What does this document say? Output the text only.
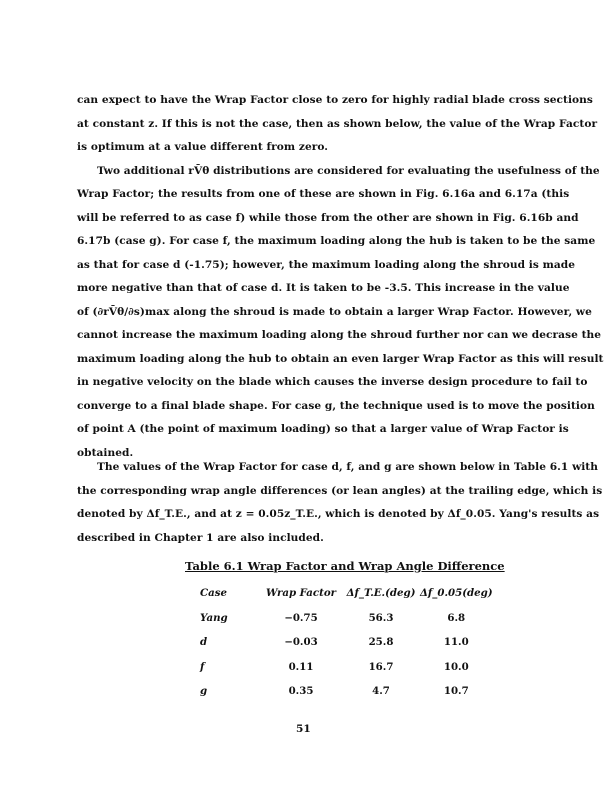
can expect to have the Wrap Factor close to zero for highly radial blade cross sections
at constant z. If this is not the case, then as shown below, the value of the Wrap Factor
is optimum at a value different from zero.
Two additional rV̄θ distributions are considered for evaluating the usefulness of the
Wrap Factor; the results from one of these are shown in Fig. 6.16a and 6.17a (this
will be referred to as case f) while those from the other are shown in Fig. 6.16b and
6.17b (case g). For case f, the maximum loading along the hub is taken to be the same
as that for case d (-1.75); however, the maximum loading along the shroud is made
more negative than that of case d. It is taken to be -3.5. This increase in the value
of (∂rV̄θ/∂s)max along the shroud is made to obtain a larger Wrap Factor. However, we
cannot increase the maximum loading along the shroud further nor can we decrase the
maximum loading along the hub to obtain an even larger Wrap Factor as this will result
in negative velocity on the blade which causes the inverse design procedure to fail to
converge to a final blade shape. For case g, the technique used is to move the position
of point A (the point of maximum loading) so that a larger value of Wrap Factor is
obtained.
The values of the Wrap Factor for case d, f, and g are shown below in Table 6.1 with
the corresponding wrap angle differences (or lean angles) at the trailing edge, which is
denoted by Δf_T.E., and at z = 0.05z_T.E., which is denoted by Δf_0.05. Yang's results as
described in Chapter 1 are also included.
Table 6.1 Wrap Factor and Wrap Angle Difference
Case	Wrap Factor	Δf_T.E.(deg)	Δf_0.05(deg)
Yang	−0.75	56.3	6.8
d	−0.03	25.8	11.0
f	0.11	16.7	10.0
g	0.35	4.7	10.7
51
